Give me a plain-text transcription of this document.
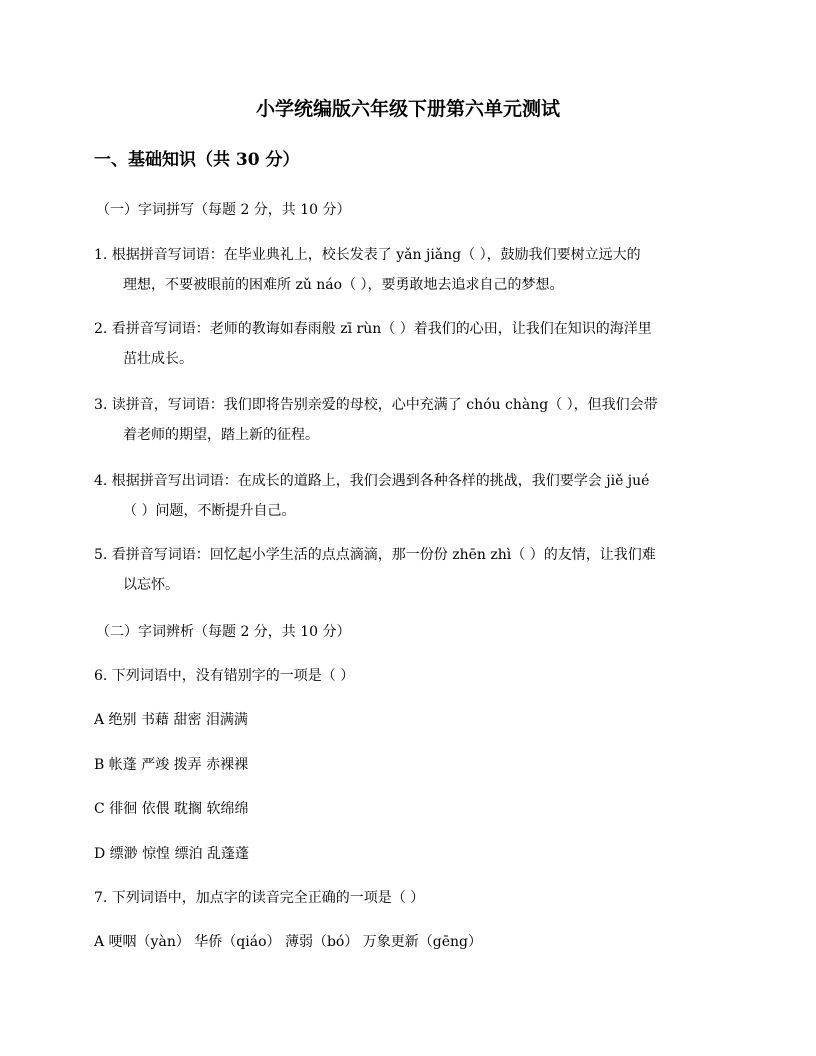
小学统编版六年级下册第六单元测试
一、基础知识（共 30 分）
（一）字词拼写（每题 2 分，共 10 分）
1. 根据拼音写词语：在毕业典礼上，校长发表了 yǎn jiǎng（ ），鼓励我们要树立远大的
理想，不要被眼前的困难所 zǔ náo（ ），要勇敢地去追求自己的梦想。
2. 看拼音写词语：老师的教诲如春雨般 zī rùn（ ）着我们的心田，让我们在知识的海洋里
茁壮成长。
3. 读拼音，写词语：我们即将告别亲爱的母校，心中充满了 chóu chàng（ ），但我们会带
着老师的期望，踏上新的征程。
4. 根据拼音写出词语：在成长的道路上，我们会遇到各种各样的挑战，我们要学会 jiě jué
（ ）问题，不断提升自己。
5. 看拼音写词语：回忆起小学生活的点点滴滴，那一份份 zhēn zhì（ ）的友情，让我们难
以忘怀。
（二）字词辨析（每题 2 分，共 10 分）
6. 下列词语中，没有错别字的一项是（ ）
A 绝别 书藉 甜密 泪满满
B 帐蓬 严竣 拨弄 赤裸裸
C 徘徊 依偎 耽搁 软绵绵
D 缥渺 惊惶 缥泊 乱蓬蓬
7. 下列词语中，加点字的读音完全正确的一项是（ ）
A 哽咽（yàn） 华侨（qiáo） 薄弱（bó） 万象更新（gēng）
